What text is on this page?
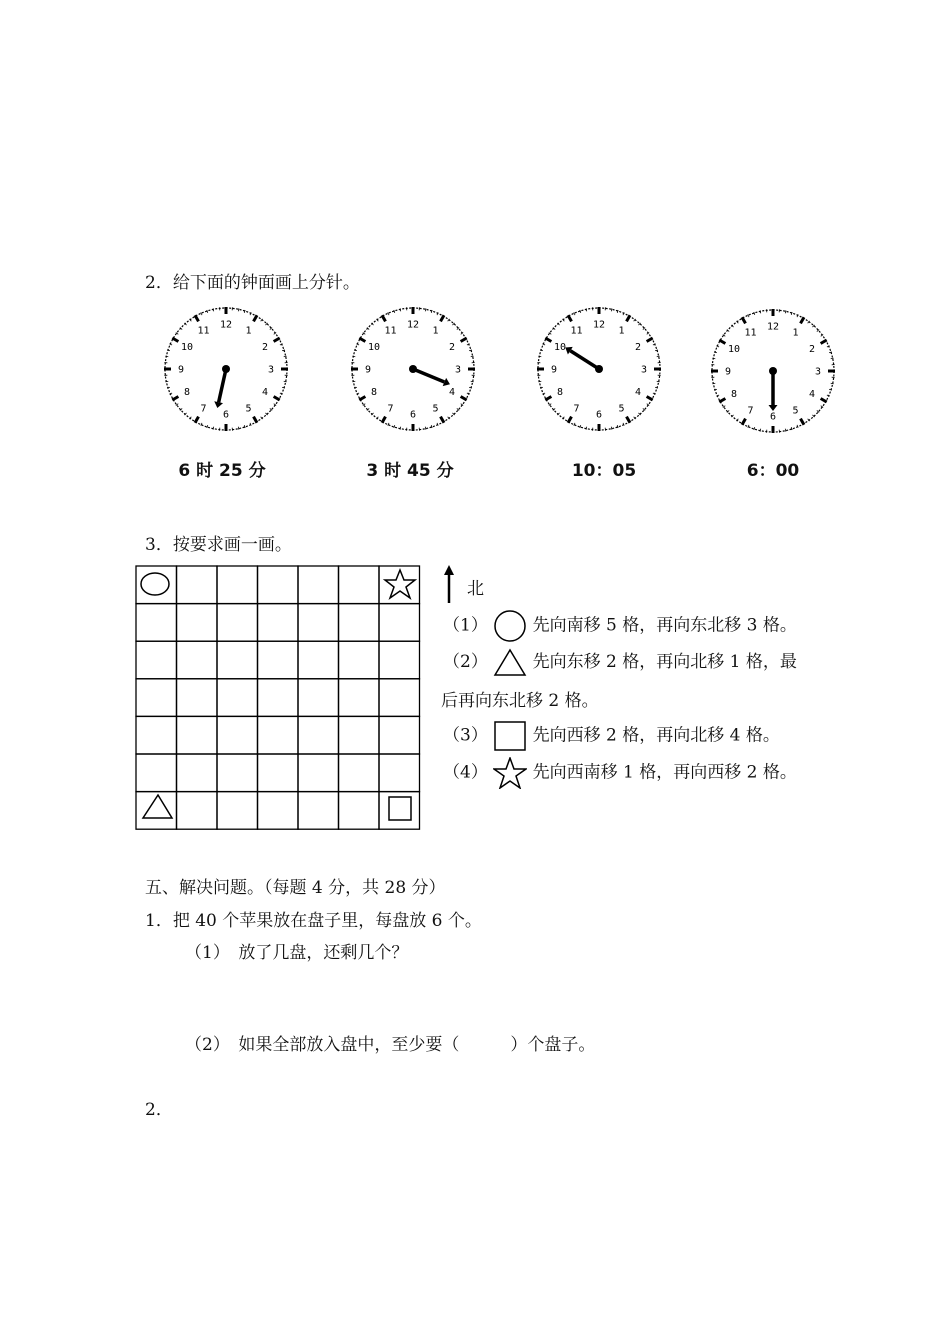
2．给下面的钟面画上分针。
12
1
2
3
4
5
6
7
8
9
10
11
12
1
2
3
4
5
6
7
8
9
10
11
12
1
2
3
4
5
6
7
8
9
10
11	12
1
2
3
4
5
6
7
8
9
10
11
6 时 25 分	3 时 45 分	10：05	6：00
3．按要求画一画。
北
（1）	先向南移 5 格，再向东北移 3 格。
（2）	先向东移 2 格，再向北移 1 格，最
后再向东北移 2 格。
（3）	先向西移 2 格，再向北移 4 格。
（4）	先向西南移 1 格，再向西移 2 格。
五、解决问题。（每题 4 分，共 28 分）
1．把 40 个苹果放在盘子里，每盘放 6 个。
（1）　放了几盘，还剩几个？
（2）　如果全部放入盘中，至少要（　　　）个盘子。
2．
